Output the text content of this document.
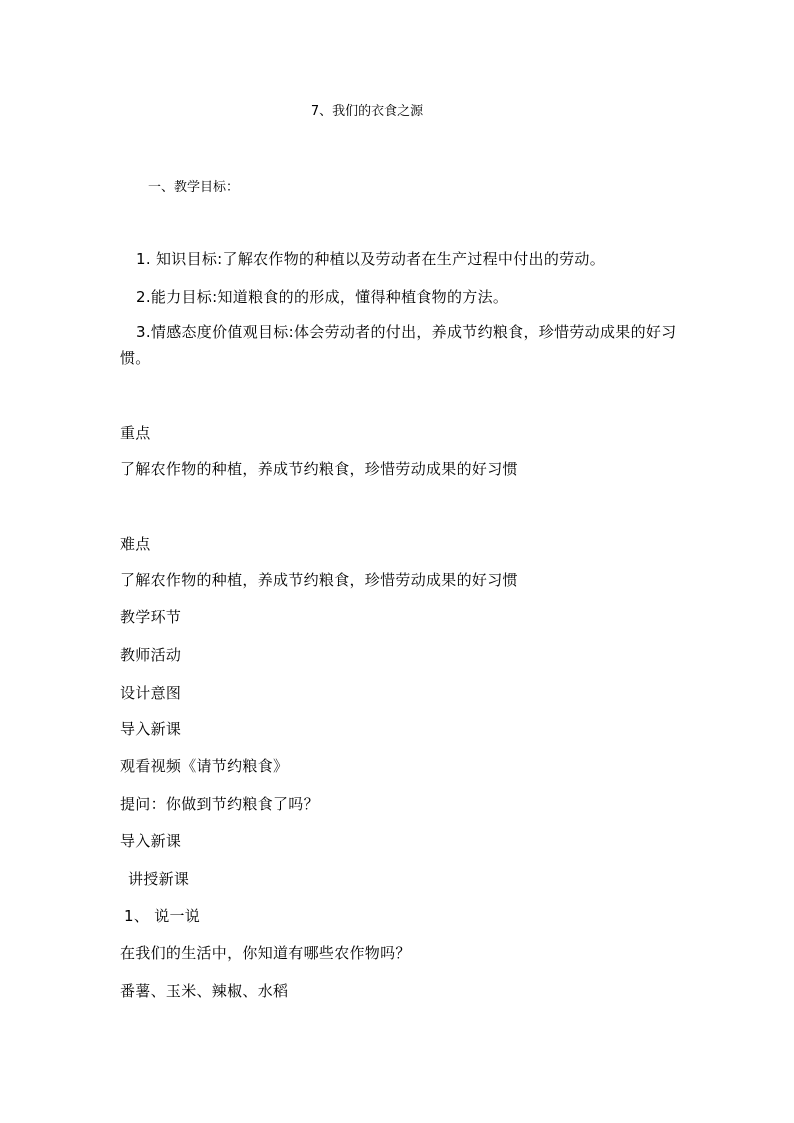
7、我们的衣食之源
一、教学目标：
1. 知识目标:了解农作物的种植以及劳动者在生产过程中付出的劳动。
2.能力目标:知道粮食的的形成，懂得种植食物的方法。
3.情感态度价值观目标:体会劳动者的付出，养成节约粮食，珍惜劳动成果的好习惯。
重点
了解农作物的种植，养成节约粮食，珍惜劳动成果的好习惯
难点
了解农作物的种植，养成节约粮食，珍惜劳动成果的好习惯
教学环节
教师活动
设计意图
导入新课
观看视频《请节约粮食》
提问：你做到节约粮食了吗？
导入新课
讲授新课
1、 说一说
在我们的生活中，你知道有哪些农作物吗？
番薯、玉米、辣椒、水稻
